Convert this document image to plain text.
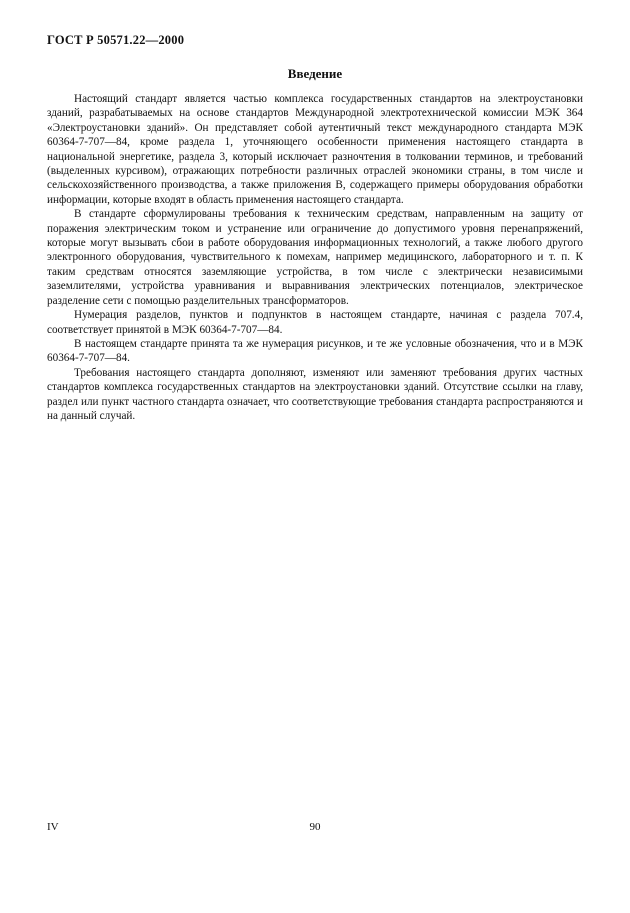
ГОСТ Р 50571.22—2000
Введение

Настоящий стандарт является частью комплекса государственных стандартов на электроустановки зданий, разрабатываемых на основе стандартов Международной электротехнической комиссии МЭК 364 «Электроустановки зданий». Он представляет собой аутентичный текст международного стандарта МЭК 60364-7-707—84, кроме раздела 1, уточняющего особенности применения настоящего стандарта в национальной энергетике, раздела 3, который исключает разночтения в толковании терминов, и требований (выделенных курсивом), отражающих потребности различных отраслей экономики страны, в том числе и сельскохозяйственного производства, а также приложения В, содержащего примеры оборудования обработки информации, которые входят в область применения настоящего стандарта.

В стандарте сформулированы требования к техническим средствам, направленным на защиту от поражения электрическим током и устранение или ограничение до допустимого уровня перенапряжений, которые могут вызывать сбои в работе оборудования информационных технологий, а также любого другого электронного оборудования, чувствительного к помехам, например медицинского, лабораторного и т. п. К таким средствам относятся заземляющие устройства, в том числе с электрически независимыми заземлителями, устройства уравнивания и выравнивания электрических потенциалов, электрическое разделение сети с помощью разделительных трансформаторов.

Нумерация разделов, пунктов и подпунктов в настоящем стандарте, начиная с раздела 707.4, соответствует принятой в МЭК 60364-7-707—84.

В настоящем стандарте принята та же нумерация рисунков, и те же условные обозначения, что и в МЭК 60364-7-707—84.

Требования настоящего стандарта дополняют, изменяют или заменяют требования других частных стандартов комплекса государственных стандартов на электроустановки зданий. Отсутствие ссылки на главу, раздел или пункт частного стандарта означает, что соответствующие требования стандарта распространяются и на данный случай.

IV	90
